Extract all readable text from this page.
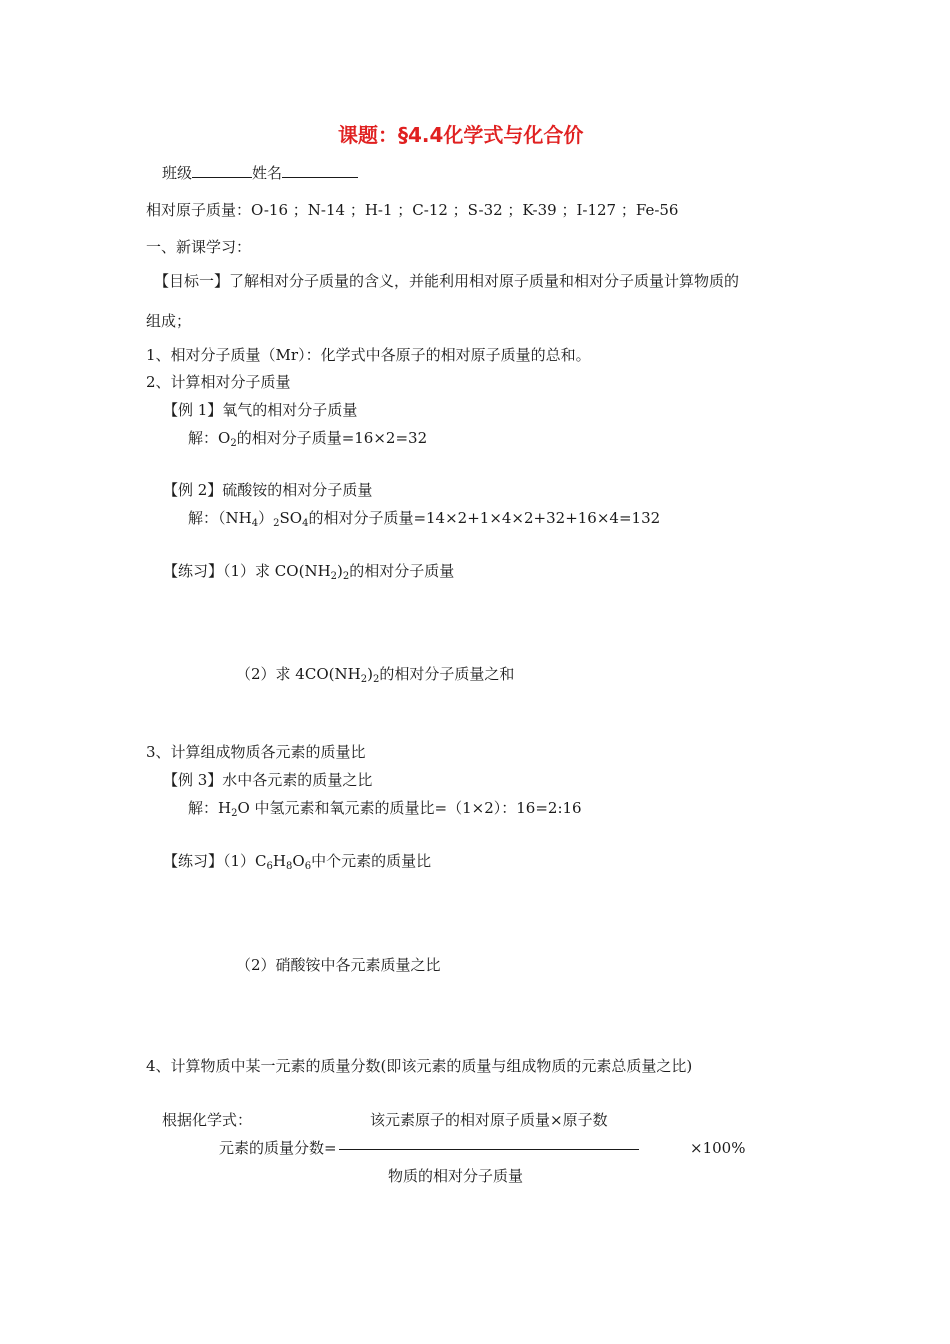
课题：§4.4化学式与化合价
班级	姓名
相对原子质量：O-16 ；N-14 ；H-1 ；C-12 ；S-32 ；K-39 ；I-127 ；Fe-56
一、新课学习：
【目标一】了解相对分子质量的含义，并能利用相对原子质量和相对分子质量计算物质的
组成；
1、相对分子质量（Mr）：化学式中各原子的相对原子质量的总和。
2、计算相对分子质量
【例 1】氧气的相对分子质量
解：$O_2$的相对分子质量=16×2=32
【例 2】硫酸铵的相对分子质量
解：$(NH_4)_2SO_4$的相对分子质量=14×2+1×4×2+32+16×4=132
【练习】（1）求 $CO(NH_2)_2$的相对分子质量
（2）求 $4CO(NH_2)_2$的相对分子质量之和
3、计算组成物质各元素的质量比
【例 3】水中各元素的质量之比
解：$H_2O$ 中氢元素和氧元素的质量比=（1×2）：16=2:16
【练习】$(1)C_6H_8O_6$中个元素的质量比
（2）硝酸铵中各元素质量之比
4、计算物质中某一元素的质量分数(即该元素的质量与组成物质的元素总质量之比)
根据化学式：	该元素原子的相对原子质量×原子数
元素的质量分数=	×100%
物质的相对分子质量
